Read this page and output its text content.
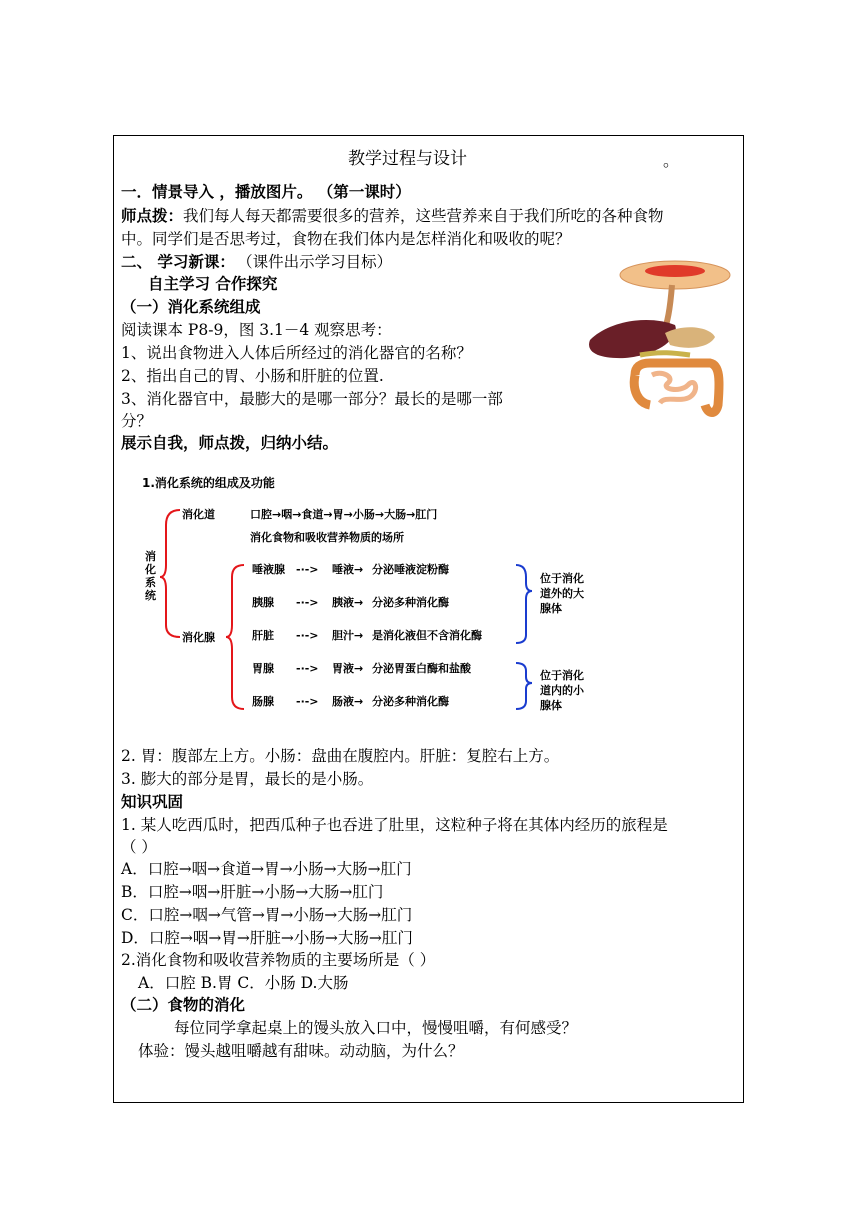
教学过程与设计	。
一．情景导入 ，播放图片。 （第一课时）
师点拨：我们每人每天都需要很多的营养，这些营养来自于我们所吃的各种食物
中。同学们是否思考过，食物在我们体内是怎样消化和吸收的呢？
二、 学习新课： （课件出示学习目标）
自主学习 合作探究
（一）消化系统组成
阅读课本 P8-9，图 3.1－4 观察思考：
1、说出食物进入人体后所经过的消化器官的名称？
2、指出自己的胃、小肠和肝脏的位置.
3、消化器官中，最膨大的是哪一部分？最长的是哪一部
分？
展示自我，师点拨，归纳小结。
1.消化系统的组成及功能
消
化
系
统
消化道	口腔→咽→食道→胃→小肠→大肠→肛门
消化食物和吸收营养物质的场所
消化腺
唾液腺 -·-> 唾液→ 分泌唾液淀粉酶
胰腺 -·-> 胰液→ 分泌多种消化酶
肝脏 -·-> 胆汁→ 是消化液但不含消化酶
胃腺 -·-> 胃液→ 分泌胃蛋白酶和盐酸
肠腺 -·-> 肠液→ 分泌多种消化酶
位于消化
道外的大
腺体
位于消化
道内的小
腺体
2. 胃：腹部左上方。小肠：盘曲在腹腔内。肝脏：复腔右上方。
3. 膨大的部分是胃，最长的是小肠。
知识巩固
1. 某人吃西瓜时，把西瓜种子也吞进了肚里，这粒种子将在其体内经历的旅程是
（ ）
A．口腔→咽→食道→胃→小肠→大肠→肛门
B．口腔→咽→肝脏→小肠→大肠→肛门
C．口腔→咽→气管→胃→小肠→大肠→肛门
D．口腔→咽→胃→肝脏→小肠→大肠→肛门
2.消化食物和吸收营养物质的主要场所是（ ）
A．口腔 B.胃 C．小肠 D.大肠
（二）食物的消化
每位同学拿起桌上的馒头放入口中，慢慢咀嚼，有何感受？
体验：馒头越咀嚼越有甜味。动动脑，为什么？
